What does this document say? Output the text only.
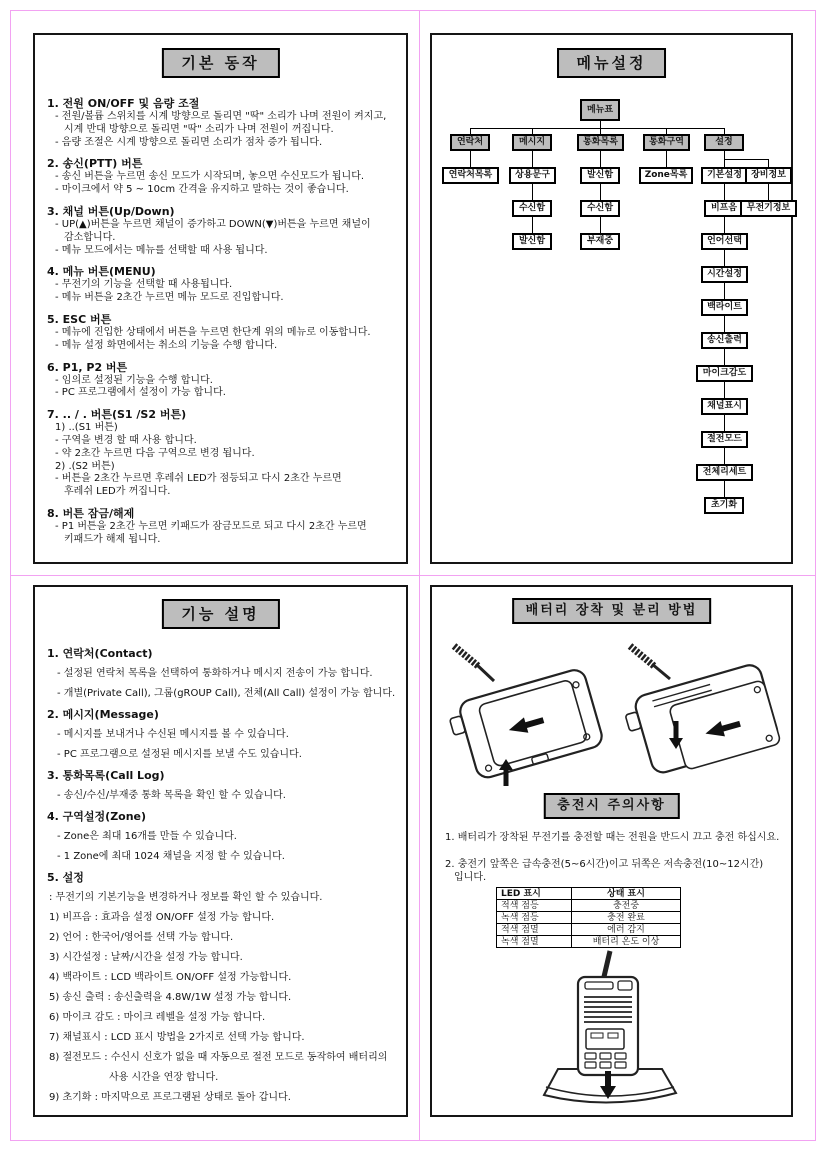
기본 동작
1. 전원 ON/OFF 및 음량 조절
- 전원/볼륨 스위치를 시계 방향으로 돌리면 "딱" 소리가 나며 전원이 켜지고,
시계 반대 방향으로 돌리면 "딱" 소리가 나며 전원이 꺼집니다.
- 음량 조절은 시계 방향으로 돌리면 소리가 점차 증가 됩니다.
2. 송신(PTT) 버튼
- 송신 버튼을 누르면 송신 모드가 시작되며, 놓으면 수신모드가 됩니다.
- 마이크에서 약 5 ~ 10cm 간격을 유지하고 말하는 것이 좋습니다.
3. 채널 버튼(Up/Down)
- UP(▲)버튼을 누르면 채널이 증가하고 DOWN(▼)버튼을 누르면 채널이
감소합니다.
- 메뉴 모드에서는 메뉴를 선택할 때 사용 됩니다.
4. 메뉴 버튼(MENU)
- 무전기의 기능을 선택할 때 사용됩니다.
- 메뉴 버튼을 2초간 누르면 메뉴 모드로 진입합니다.
5. ESC 버튼
- 메뉴에 진입한 상태에서 버튼을 누르면 한단계 위의 메뉴로 이동합니다.
- 메뉴 설정 화면에서는 취소의 기능을 수행 합니다.
6. P1, P2 버튼
- 임의로 설정된 기능을 수행 합니다.
- PC 프로그램에서 설정이 가능 합니다.
7. .. / . 버튼(S1 /S2 버튼)
1) ..(S1 버튼)
- 구역을 변경 할 때 사용 합니다.
- 약 2초간 누르면 다음 구역으로 변경 됩니다.
2) .(S2 버튼)
- 버튼을 2초간 누르면 후레쉬 LED가 점등되고 다시 2초간 누르면
후레쉬 LED가 꺼집니다.
8. 버튼 잠금/해제
- P1 버튼을 2초간 누르면 키패드가 잠금모드로 되고 다시 2초간 누르면
키패드가 해제 됩니다.
메뉴설정
메뉴표
연락처
연락처목록
메시지
상용문구
수신함
발신함
통화목록
발신함
수신함
부재중
통화구역
Zone목록
설정
기본설정
비프음
언어선택
시간설정
백라이트
송신출력
마이크감도
채널표시
절전모드
전체리세트
초기화
장비정보
무전기정보
기능 설명
1. 연락처(Contact)
- 설정된 연락처 목록을 선택하여 통화하거나 메시지 전송이 가능 합니다.
- 개별(Private Call), 그룹(gROUP Call), 전체(All Call) 설정이 가능 합니다.
2. 메시지(Message)
- 메시지를 보내거나 수신된 메시지를 볼 수 있습니다.
- PC 프로그램으로 설정된 메시지를 보낼 수도 있습니다.
3. 통화목록(Call Log)
- 송신/수신/부재중 통화 목록을 확인 할 수 있습니다.
4. 구역설정(Zone)
- Zone은 최대 16개를 만들 수 있습니다.
- 1 Zone에 최대 1024 채널을 지정 할 수 있습니다.
5. 설정
: 무전기의 기본기능을 변경하거나 정보를 확인 할 수 있습니다.
1) 비프음 : 효과음 설정 ON/OFF 설정 가능 합니다.
2) 언어 : 한국어/영어를 선택 가능 합니다.
3) 시간설정 : 날짜/시간을 설정 가능 합니다.
4) 백라이트 : LCD 백라이트 ON/OFF 설정 가능합니다.
5) 송신 출력 : 송신출력을 4.8W/1W 설정 가능 합니다.
6) 마이크 감도 : 마이크 레벨을 설정 가능 합니다.
7) 채널표시 : LCD 표시 방법을 2가지로 선택 가능 합니다.
8) 절전모드 : 수신시 신호가 없을 때 자동으로 절전 모드로 동작하여 배터리의
사용 시간을 연장 합니다.
9) 초기화 : 마지막으로 프로그램된 상태로 돌아 갑니다.
배터리 장착 및 분리 방법
충전시 주의사항
1. 배터리가 장착된 무전기를 충전할 때는 전원을 반드시 끄고 충전 하십시요.
2. 충전기 앞쪽은 급속충전(5~6시간)이고 뒤쪽은 저속충전(10~12시간)
입니다.
LED 표시	상태 표시
적색 점등	충전중
녹색 점등	충전 완료
적색 점멸	에러 감지
녹색 점멸	배터리 온도 이상
